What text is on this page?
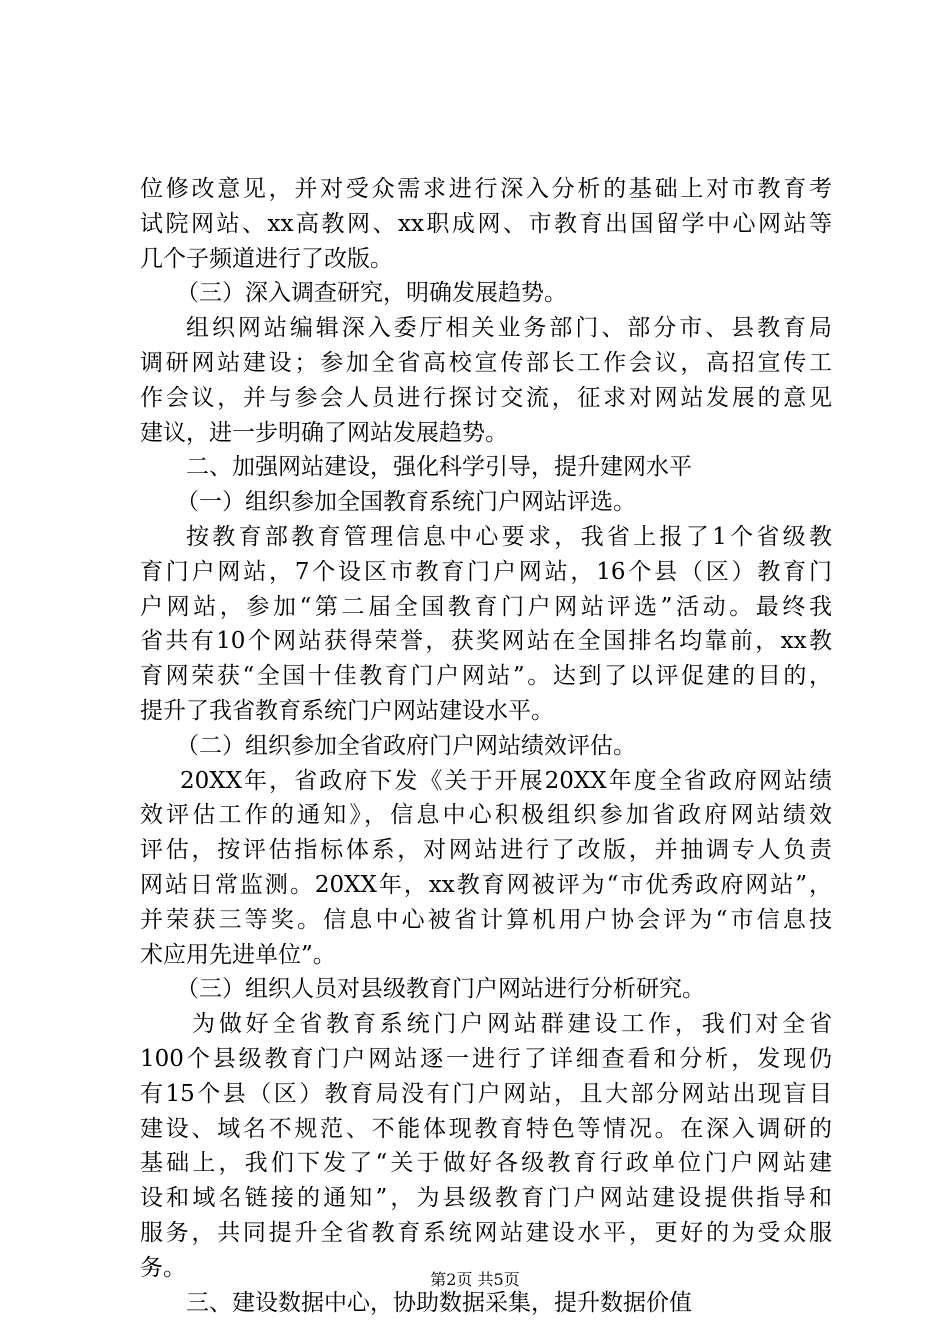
位修改意见，并对受众需求进行深入分析的基础上对市教育考
试院网站、xx高教网、xx职成网、市教育出国留学中心网站等
几个子频道进行了改版。
（三）深入调查研究，明确发展趋势。
组织网站编辑深入委厅相关业务部门、部分市、县教育局
调研网站建设；参加全省高校宣传部长工作会议，高招宣传工
作会议，并与参会人员进行探讨交流，征求对网站发展的意见
建议，进一步明确了网站发展趋势。
二、加强网站建设，强化科学引导，提升建网水平
（一）组织参加全国教育系统门户网站评选。
按教育部教育管理信息中心要求，我省上报了1个省级教
育门户网站，7个设区市教育门户网站，16个县（区）教育门
户网站，参加“第二届全国教育门户网站评选”活动。最终我
省共有10个网站获得荣誉，获奖网站在全国排名均靠前，xx教
育网荣获“全国十佳教育门户网站”。达到了以评促建的目的，
提升了我省教育系统门户网站建设水平。
（二）组织参加全省政府门户网站绩效评估。
20XX年，省政府下发《关于开展20XX年度全省政府网站绩
效评估工作的通知》，信息中心积极组织参加省政府网站绩效
评估，按评估指标体系，对网站进行了改版，并抽调专人负责
网站日常监测。20XX年，xx教育网被评为“市优秀政府网站”，
并荣获三等奖。信息中心被省计算机用户协会评为“市信息技
术应用先进单位”。
（三）组织人员对县级教育门户网站进行分析研究。
为做好全省教育系统门户网站群建设工作，我们对全省
100个县级教育门户网站逐一进行了详细查看和分析，发现仍
有15个县（区）教育局没有门户网站，且大部分网站出现盲目
建设、域名不规范、不能体现教育特色等情况。在深入调研的
基础上，我们下发了“关于做好各级教育行政单位门户网站建
设和域名链接的通知”，为县级教育门户网站建设提供指导和
服务，共同提升全省教育系统网站建设水平，更好的为受众服
务。
三、建设数据中心，协助数据采集，提升数据价值
第2页 共5页
